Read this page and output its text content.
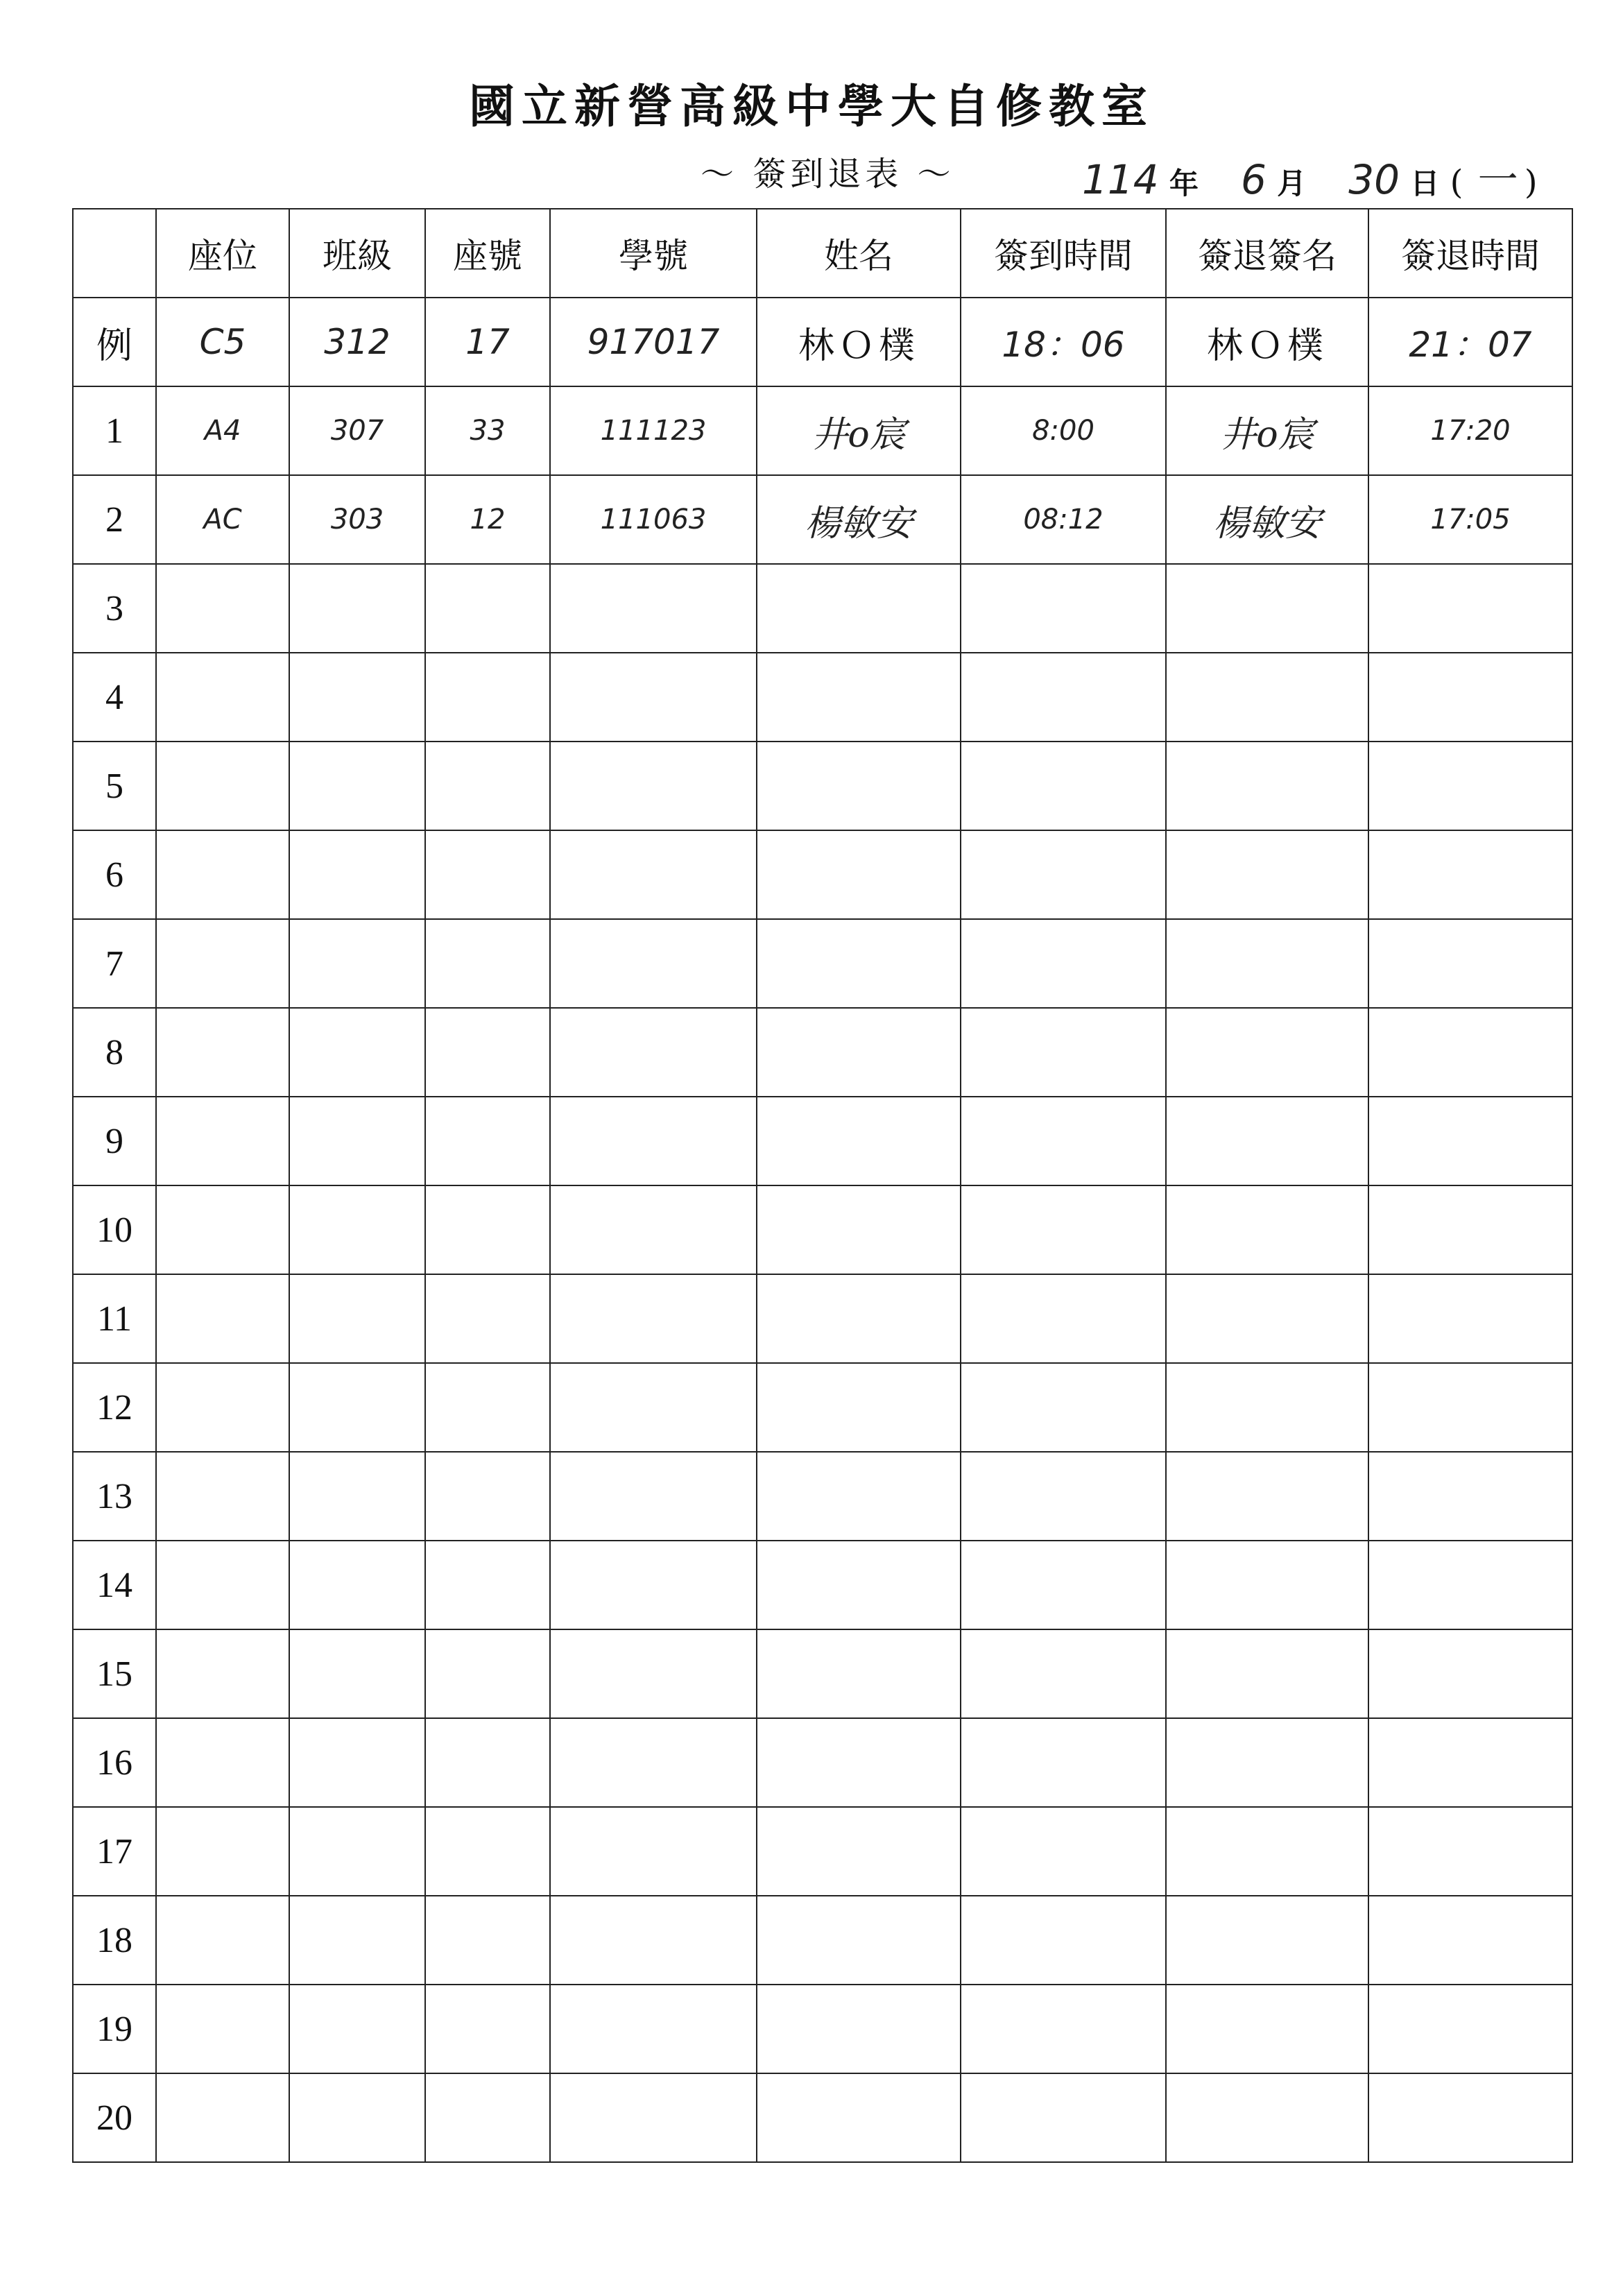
國立新營高級中學大自修教室
～ 簽到退表 ～	114 年 6 月 30 日 ( 一 )
	座位	班級	座號	學號	姓名	簽到時間	簽退簽名	簽退時間
例	C5	312	17	917017	林Ｏ樸	18：06	林Ｏ樸	21：07
1	A4	307	33	111123	井o宸	8:00	井o宸	17:20
2	AC	303	12	111063	楊敏安	08:12	楊敏安	17:05
3								
4								
5								
6								
7								
8								
9								
10								
11								
12								
13								
14								
15								
16								
17								
18								
19								
20								
